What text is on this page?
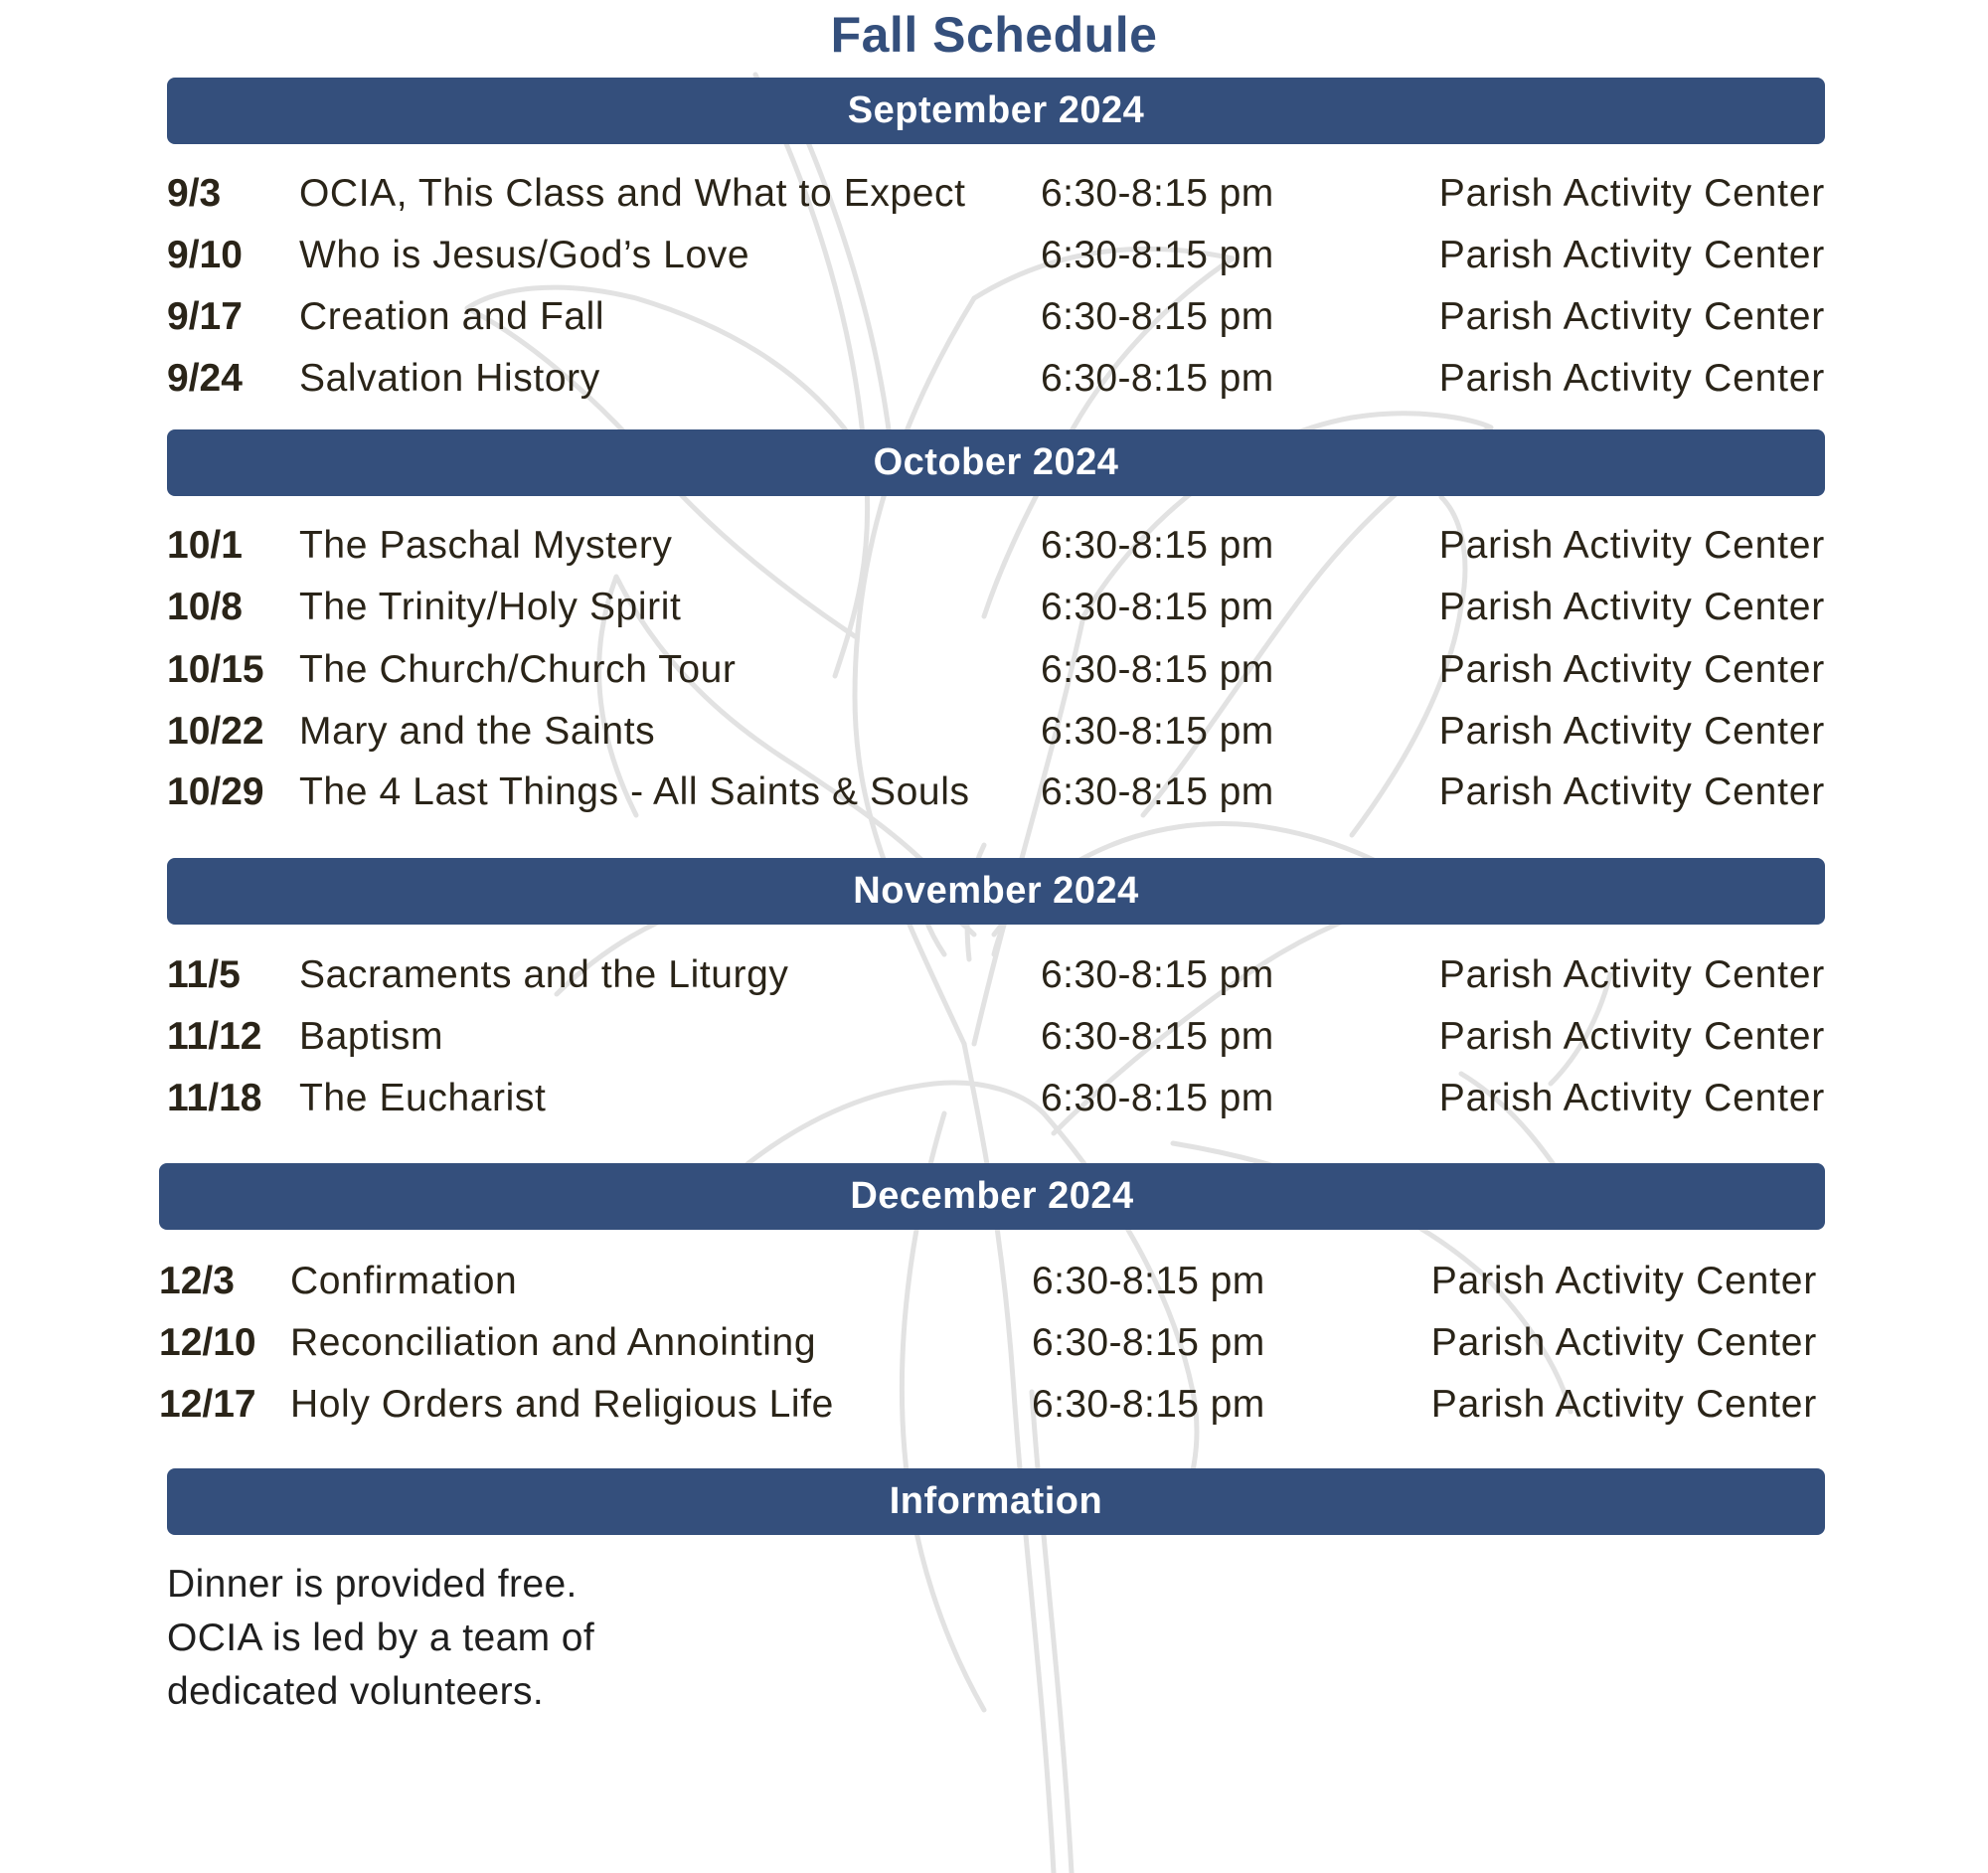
Fall Schedule
September 2024
9/3 OCIA, This Class and What to Expect 6:30-8:15 pm	Parish Activity Center
9/10 Who is Jesus/God’s Love	6:30-8:15 pm	Parish Activity Center
9/17 Creation and Fall	6:30-8:15 pm	Parish Activity Center
9/24 Salvation History	6:30-8:15 pm	Parish Activity Center
October 2024
10/1 The Paschal Mystery	6:30-8:15 pm	Parish Activity Center
10/8 The Trinity/Holy Spirit	6:30-8:15 pm	Parish Activity Center
10/15 The Church/Church Tour	6:30-8:15 pm	Parish Activity Center
10/22 Mary and the Saints	6:30-8:15 pm	Parish Activity Center
10/29 The 4 Last Things - All Saints & Souls 6:30-8:15 pm	Parish Activity Center
November 2024
11/5 Sacraments and the Liturgy	6:30-8:15 pm	Parish Activity Center
11/12 Baptism	6:30-8:15 pm	Parish Activity Center
11/18 The Eucharist	6:30-8:15 pm	Parish Activity Center
December 2024
12/3 Confirmation	6:30-8:15 pm	Parish Activity Center
12/10 Reconciliation and Annointing	6:30-8:15 pm	Parish Activity Center
12/17 Holy Orders and Religious Life	6:30-8:15 pm	Parish Activity Center
Information
Dinner is provided free.
OCIA is led by a team of
dedicated volunteers.
